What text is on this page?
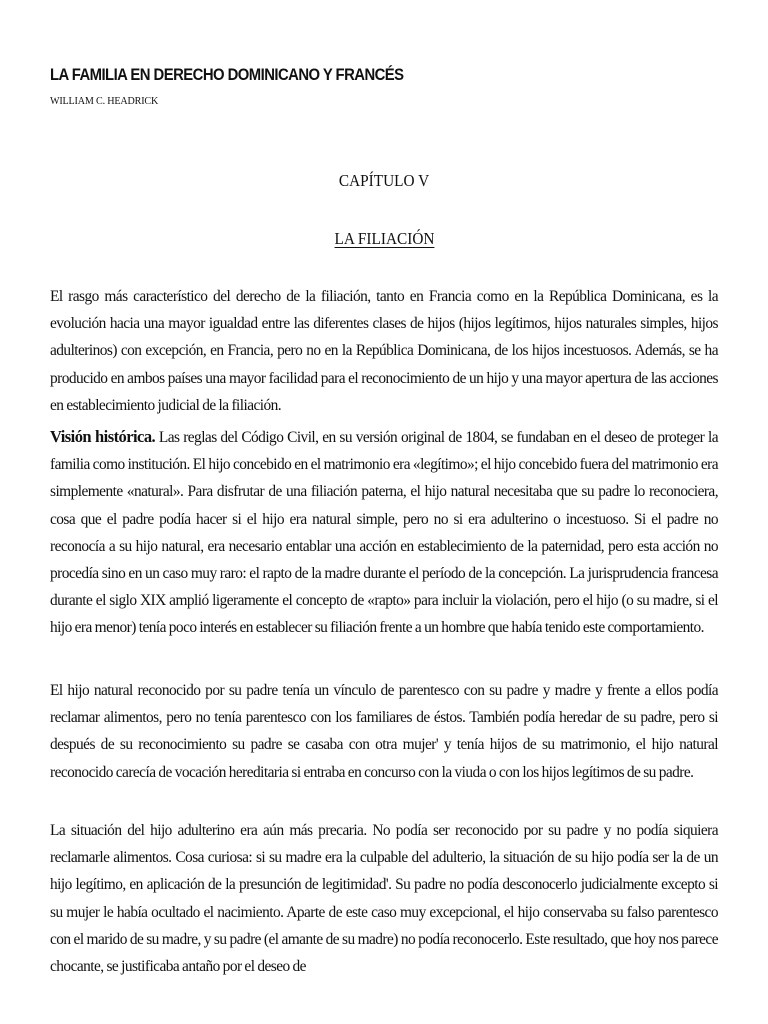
LA FAMILIA EN DERECHO DOMINICANO Y FRANCÉS
WILLIAM C. HEADRICK
CAPÍTULO V
LA FILIACIÓN

El rasgo más característico del derecho de la filiación, tanto en Francia como en la República Dominicana, es la evolución hacia una mayor igualdad entre las diferentes clases de hijos (hijos legítimos, hijos naturales simples, hijos adulterinos) con excepción, en Francia, pero no en la República Dominicana, de los hijos incestuosos. Además, se ha producido en ambos países una mayor facilidad para el reconocimiento de un hijo y una mayor apertura de las acciones en establecimiento judicial de la filiación.

Visión histórica. Las reglas del Código Civil, en su versión original de 1804, se fundaban en el deseo de proteger la familia como institución. El hijo concebido en el matrimonio era «legítimo»; el hijo concebido fuera del matrimonio era simplemente «natural». Para disfrutar de una filiación paterna, el hijo natural necesitaba que su padre lo reconociera, cosa que el padre podía hacer si el hijo era natural simple, pero no si era adulterino o incestuoso. Si el padre no reconocía a su hijo natural, era necesario entablar una acción en establecimiento de la paternidad, pero esta acción no procedía sino en un caso muy raro: el rapto de la madre durante el período de la concepción. La jurisprudencia francesa durante el siglo XIX amplió ligeramente el concepto de «rapto» para incluir la violación, pero el hijo (o su madre, si el hijo era menor) tenía poco interés en establecer su filiación frente a un hombre que había tenido este comportamiento.

El hijo natural reconocido por su padre tenía un vínculo de parentesco con su padre y madre y frente a ellos podía reclamar alimentos, pero no tenía parentesco con los familiares de éstos. También podía heredar de su padre, pero si después de su reconocimiento su padre se casaba con otra mujer' y tenía hijos de su matrimonio, el hijo natural reconocido carecía de vocación hereditaria si entraba en concurso con la viuda o con los hijos legítimos de su padre.

La situación del hijo adulterino era aún más precaria. No podía ser reconocido por su padre y no podía siquiera reclamarle alimentos. Cosa curiosa: si su madre era la culpable del adulterio, la situación de su hijo podía ser la de un hijo legítimo, en aplicación de la presunción de legitimidad'. Su padre no podía desconocerlo judicialmente excepto si su mujer le había ocultado el nacimiento. Aparte de este caso muy excepcional, el hijo conservaba su falso parentesco con el marido de su madre, y su padre (el amante de su madre) no podía reconocerlo. Este resultado, que hoy nos parece chocante, se justificaba antaño por el deseo de
